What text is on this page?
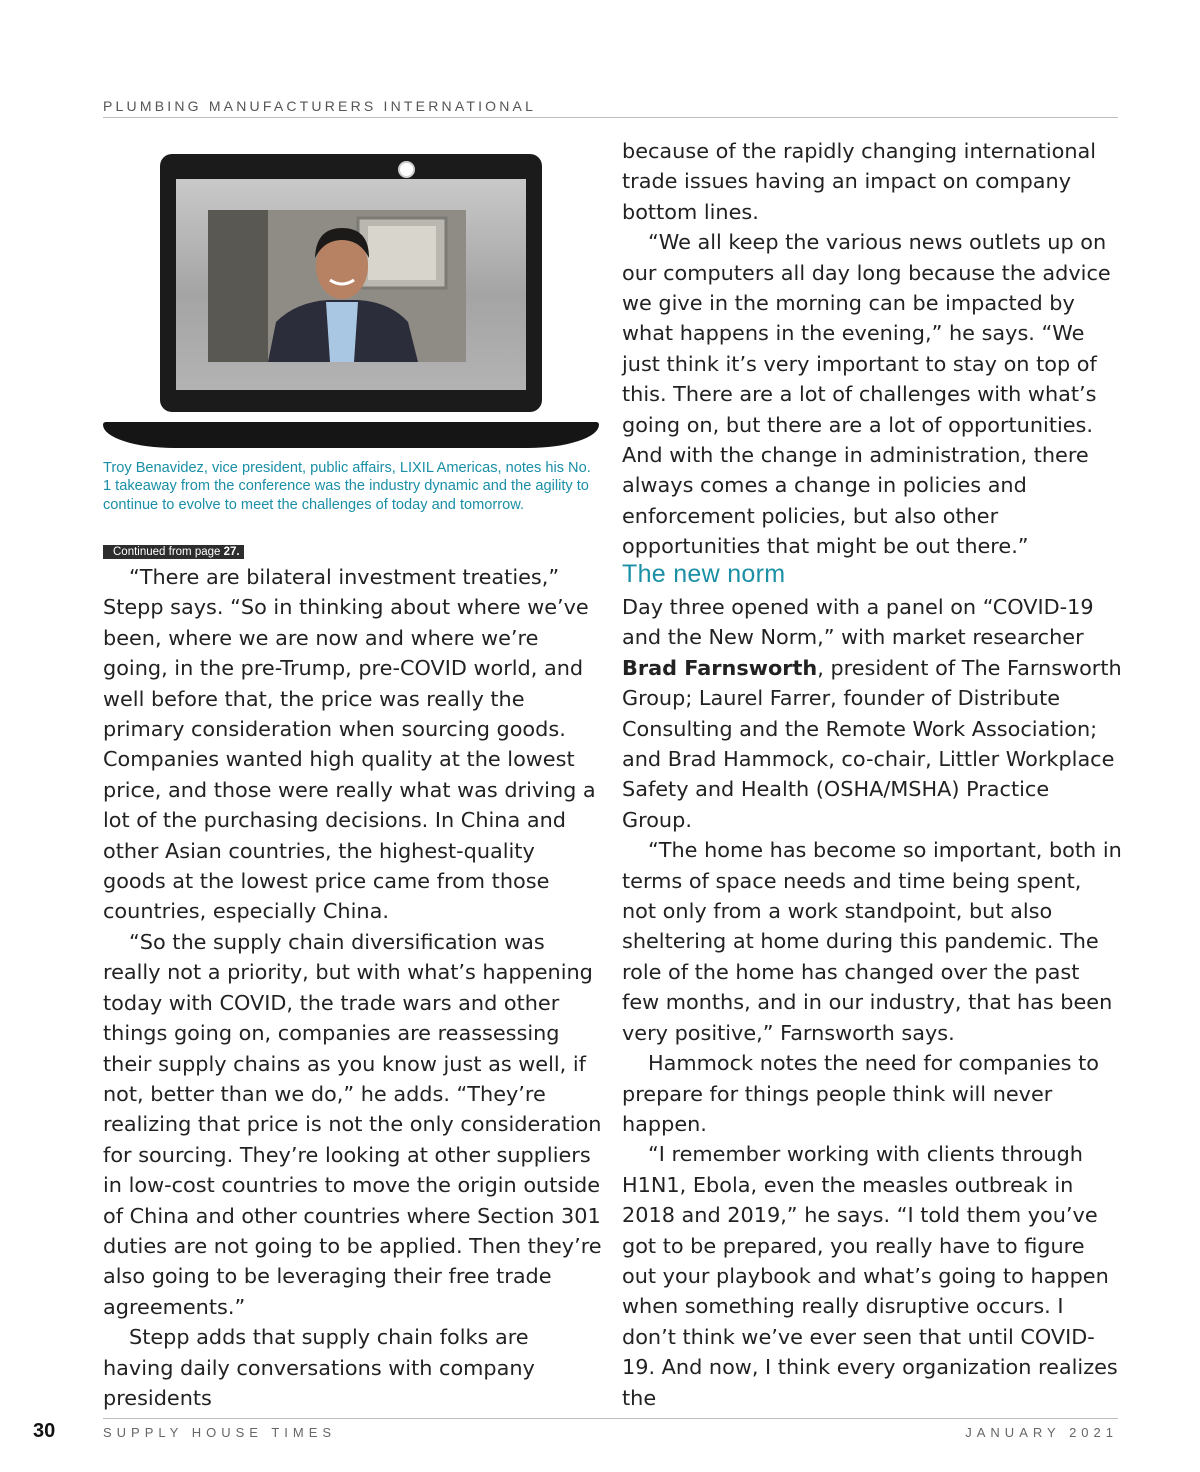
PLUMBING MANUFACTURERS INTERNATIONAL
Troy Benavidez, vice president, public affairs, LIXIL Americas, notes his No. 1 takeaway from the conference was the industry dynamic and the agility to continue to evolve to meet the challenges of today and tomorrow.
Continued from page 27.

“There are bilateral investment treaties,” Stepp says. “So in thinking about where we’ve been, where we are now and where we’re going, in the pre-Trump, pre-COVID world, and well before that, the price was really the primary consideration when sourcing goods. Companies wanted high quality at the lowest price, and those were really what was driving a lot of the purchasing decisions. In China and other Asian countries, the highest-quality goods at the lowest price came from those countries, especially China.

“So the supply chain diversification was really not a priority, but with what’s happening today with COVID, the trade wars and other things going on, companies are reassessing their supply chains as you know just as well, if not, better than we do,” he adds. “They’re realizing that price is not the only consideration for sourcing. They’re looking at other suppliers in low-cost countries to move the origin outside of China and other countries where Section 301 duties are not going to be applied. Then they’re also going to be leveraging their free trade agreements.”

Stepp adds that supply chain folks are having daily conversations with company presidents

because of the rapidly changing international trade issues having an impact on company bottom lines.

“We all keep the various news outlets up on our computers all day long because the advice we give in the morning can be impacted by what happens in the evening,” he says. “We just think it’s very important to stay on top of this. There are a lot of challenges with what’s going on, but there are a lot of opportunities. And with the change in administration, there always comes a change in policies and enforcement policies, but also other opportunities that might be out there.”

The new norm

Day three opened with a panel on “COVID-19 and the New Norm,” with market researcher Brad Farnsworth, president of The Farnsworth Group; Laurel Farrer, founder of Distribute Consulting and the Remote Work Association; and Brad Hammock, co-chair, Littler Workplace Safety and Health (OSHA/MSHA) Practice Group.

“The home has become so important, both in terms of space needs and time being spent, not only from a work standpoint, but also sheltering at home during this pandemic. The role of the home has changed over the past few months, and in our industry, that has been very positive,” Farnsworth says.

Hammock notes the need for companies to prepare for things people think will never happen.

“I remember working with clients through H1N1, Ebola, even the measles outbreak in 2018 and 2019,” he says. “I told them you’ve got to be prepared, you really have to figure out your playbook and what’s going to happen when something really disruptive occurs. I don’t think we’ve ever seen that until COVID-19. And now, I think every organization realizes the

30	SUPPLY HOUSE TIMES	JANUARY 2021
